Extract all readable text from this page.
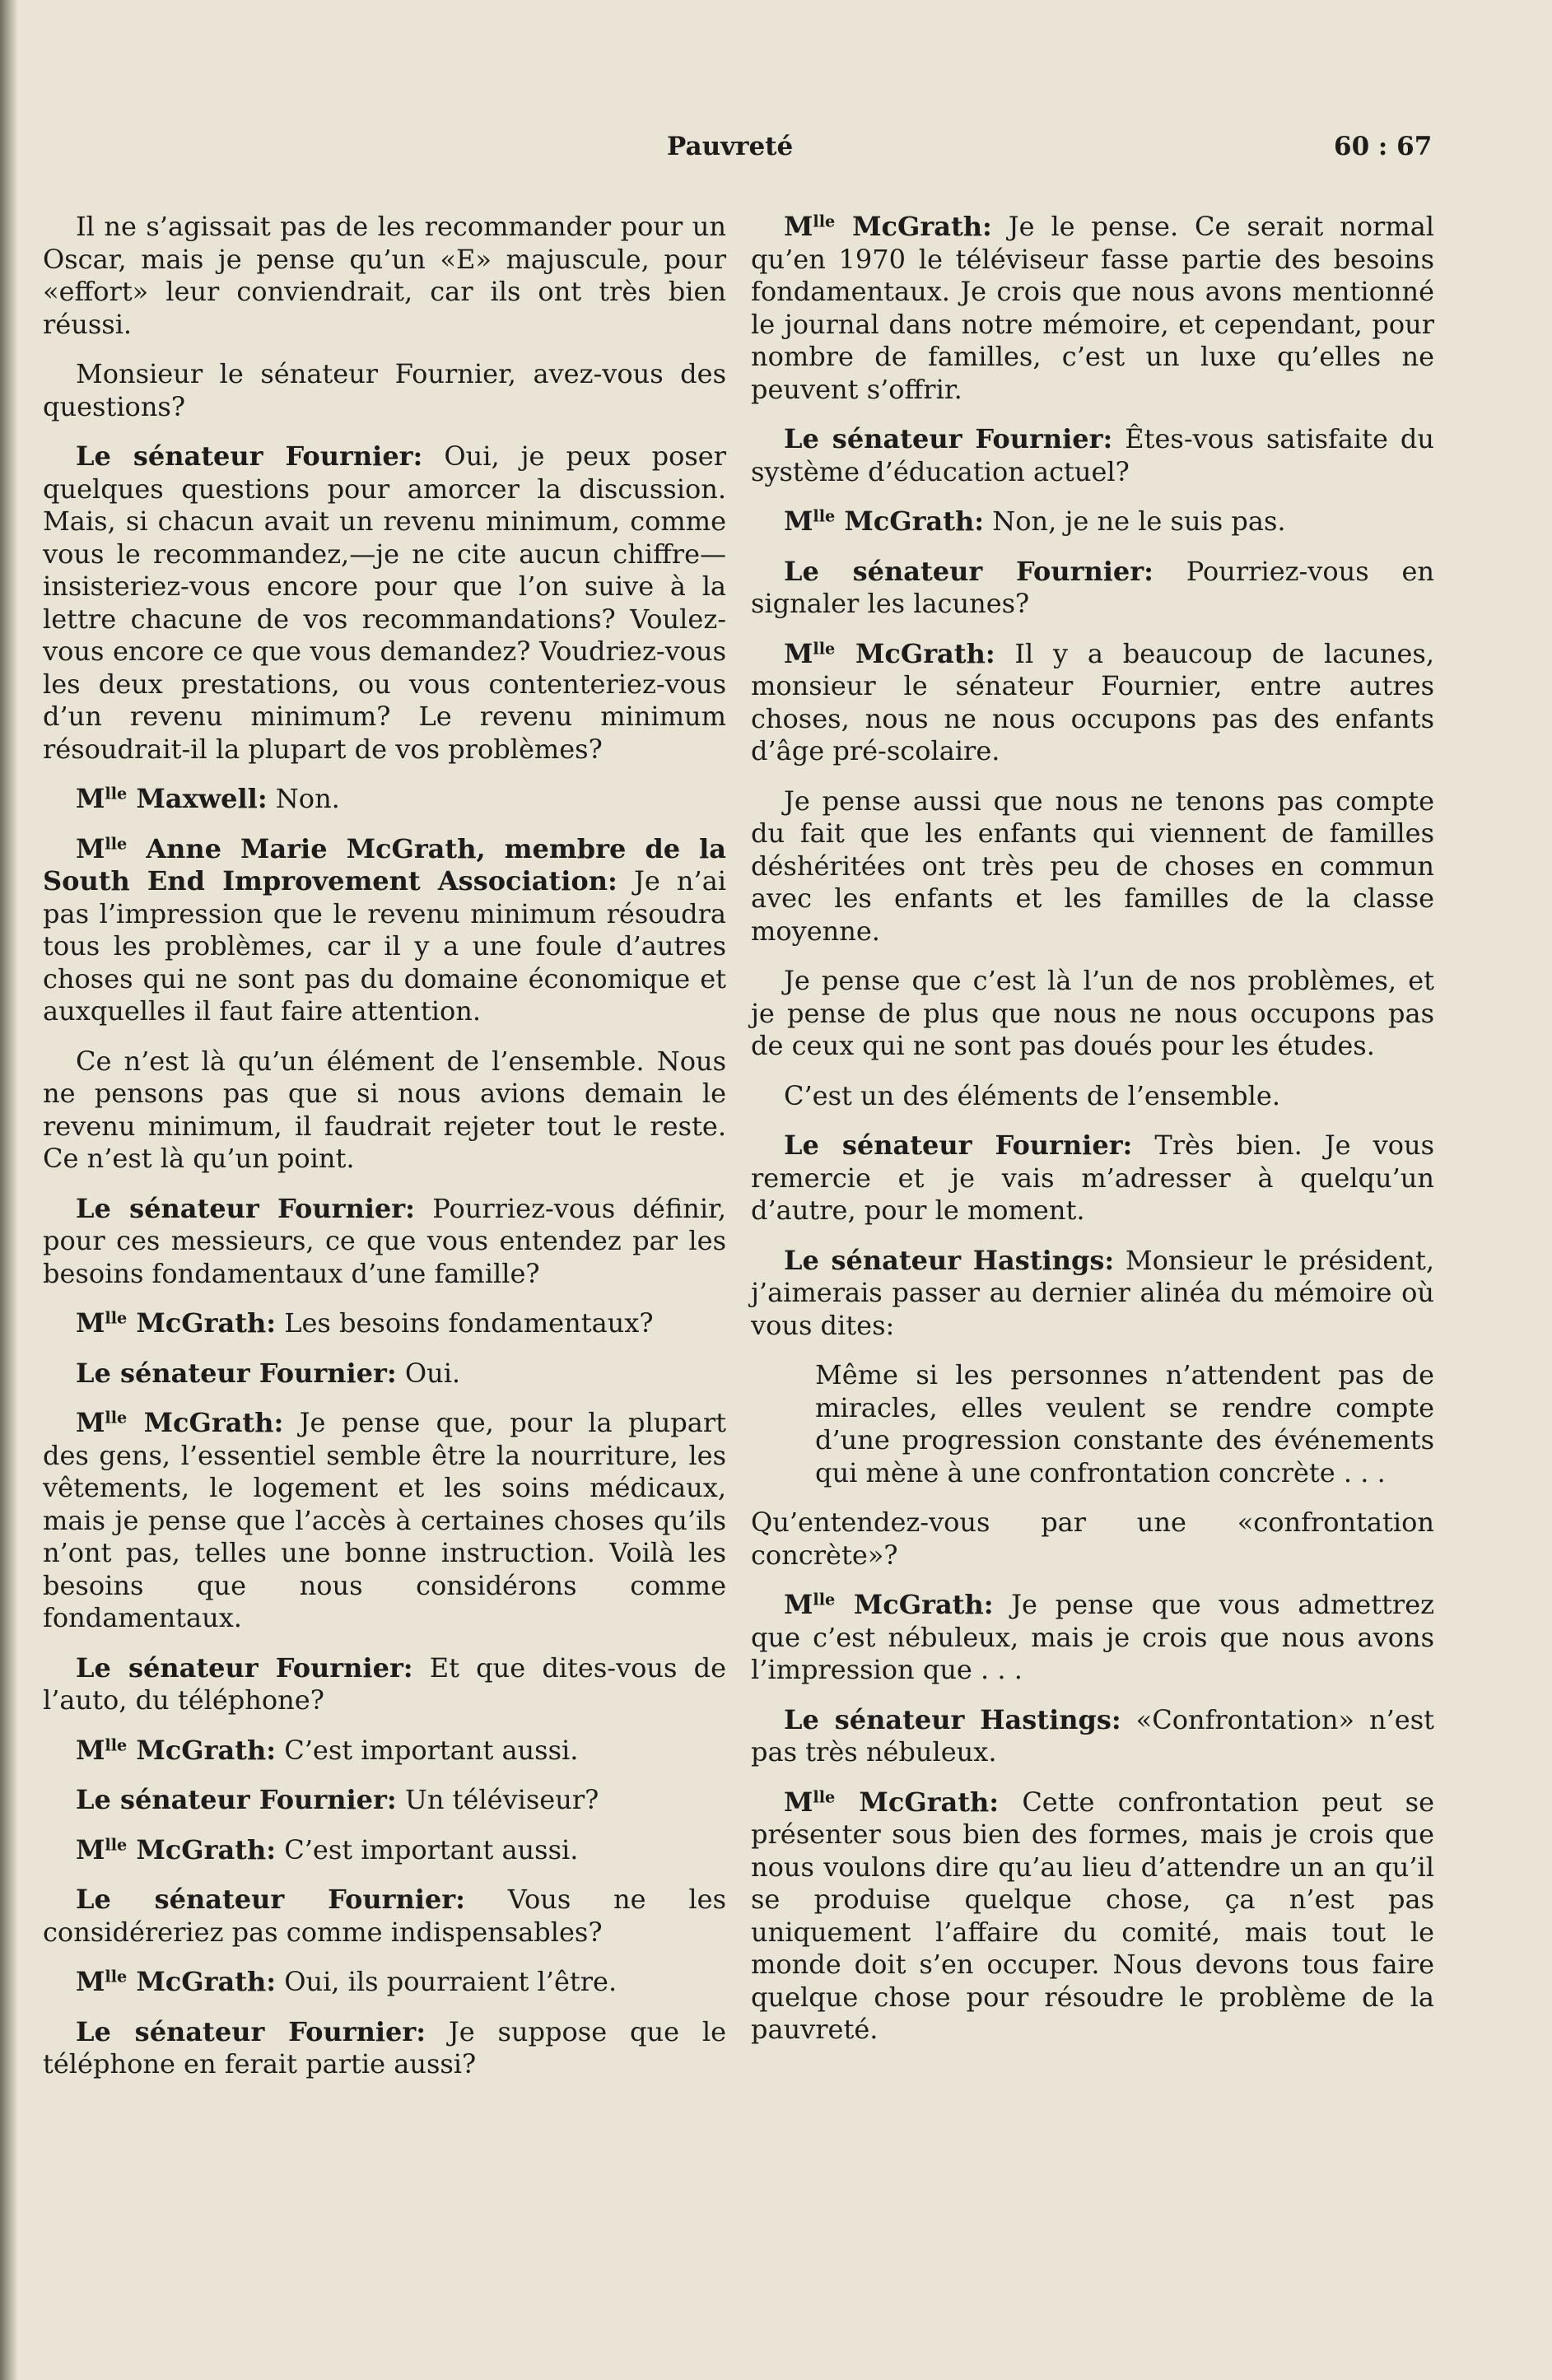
Pauvreté	60 : 67

Il ne s’agissait pas de les recommander pour un Oscar, mais je pense qu’un «E» majuscule, pour «effort» leur conviendrait, car ils ont très bien réussi.

Monsieur le sénateur Fournier, avez-vous des questions?

Le sénateur Fournier: Oui, je peux poser quelques questions pour amorcer la discussion. Mais, si chacun avait un revenu minimum, comme vous le recommandez,—je ne cite aucun chiffre—insisteriez-vous encore pour que l’on suive à la lettre chacune de vos recommandations? Voulez-vous encore ce que vous demandez? Voudriez-vous les deux prestations, ou vous contenteriez-vous d’un revenu minimum? Le revenu minimum résoudrait-il la plupart de vos problèmes?

$M^{lle}$ Maxwell: Non.

$M^{lle}$ Anne Marie McGrath, membre de la South End Improvement Association: Je n’ai pas l’impression que le revenu minimum résoudra tous les problèmes, car il y a une foule d’autres choses qui ne sont pas du domaine économique et auxquelles il faut faire attention.

Ce n’est là qu’un élément de l’ensemble. Nous ne pensons pas que si nous avions demain le revenu minimum, il faudrait rejeter tout le reste. Ce n’est là qu’un point.

Le sénateur Fournier: Pourriez-vous définir, pour ces messieurs, ce que vous entendez par les besoins fondamentaux d’une famille?

$M^{lle}$ McGrath: Les besoins fondamentaux?

Le sénateur Fournier: Oui.

$M^{lle}$ McGrath: Je pense que, pour la plupart des gens, l’essentiel semble être la nourriture, les vêtements, le logement et les soins médicaux, mais je pense que l’accès à certaines choses qu’ils n’ont pas, telles une bonne instruction. Voilà les besoins que nous considérons comme fondamentaux.

Le sénateur Fournier: Et que dites-vous de l’auto, du téléphone?

$M^{lle}$ McGrath: C’est important aussi.

Le sénateur Fournier: Un téléviseur?

$M^{lle}$ McGrath: C’est important aussi.

Le sénateur Fournier: Vous ne les considéreriez pas comme indispensables?

$M^{lle}$ McGrath: Oui, ils pourraient l’être.

Le sénateur Fournier: Je suppose que le téléphone en ferait partie aussi?

$M^{lle}$ McGrath: Je le pense. Ce serait normal qu’en 1970 le téléviseur fasse partie des besoins fondamentaux. Je crois que nous avons mentionné le journal dans notre mémoire, et cependant, pour nombre de familles, c’est un luxe qu’elles ne peuvent s’offrir.

Le sénateur Fournier: Êtes-vous satisfaite du système d’éducation actuel?

$M^{lle}$ McGrath: Non, je ne le suis pas.

Le sénateur Fournier: Pourriez-vous en signaler les lacunes?

$M^{lle}$ McGrath: Il y a beaucoup de lacunes, monsieur le sénateur Fournier, entre autres choses, nous ne nous occupons pas des enfants d’âge pré-scolaire.

Je pense aussi que nous ne tenons pas compte du fait que les enfants qui viennent de familles déshéritées ont très peu de choses en commun avec les enfants et les familles de la classe moyenne.

Je pense que c’est là l’un de nos problèmes, et je pense de plus que nous ne nous occupons pas de ceux qui ne sont pas doués pour les études.

C’est un des éléments de l’ensemble.

Le sénateur Fournier: Très bien. Je vous remercie et je vais m’adresser à quelqu’un d’autre, pour le moment.

Le sénateur Hastings: Monsieur le président, j’aimerais passer au dernier alinéa du mémoire où vous dites:

Même si les personnes n’attendent pas de miracles, elles veulent se rendre compte d’une progression constante des événements qui mène à une confrontation concrète . . .

Qu’entendez-vous par une «confrontation concrète»?

$M^{lle}$ McGrath: Je pense que vous admettrez que c’est nébuleux, mais je crois que nous avons l’impression que . . .

Le sénateur Hastings: «Confrontation» n’est pas très nébuleux.

$M^{lle}$ McGrath: Cette confrontation peut se présenter sous bien des formes, mais je crois que nous voulons dire qu’au lieu d’attendre un an qu’il se produise quelque chose, ça n’est pas uniquement l’affaire du comité, mais tout le monde doit s’en occuper. Nous devons tous faire quelque chose pour résoudre le problème de la pauvreté.
